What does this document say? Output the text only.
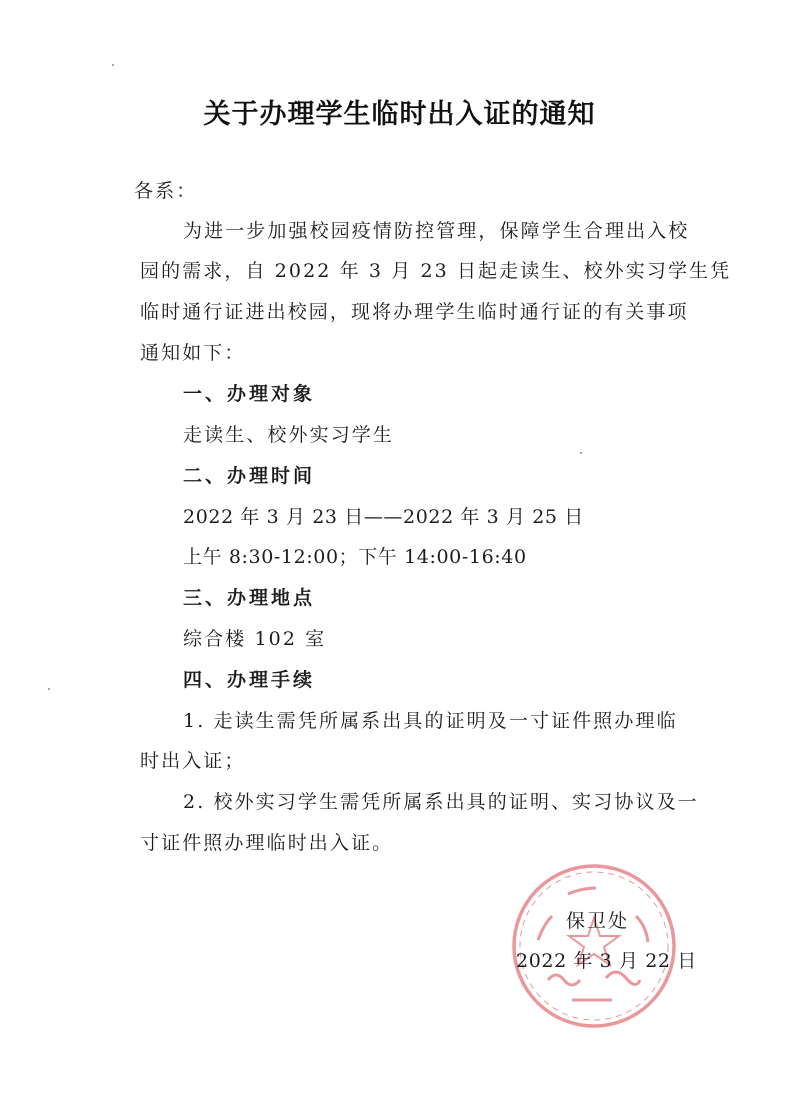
关于办理学生临时出入证的通知
各系：
为进一步加强校园疫情防控管理，保障学生合理出入校
园的需求，自 2022 年 3 月 23 日起走读生、校外实习学生凭
临时通行证进出校园，现将办理学生临时通行证的有关事项
通知如下：
一、办理对象
走读生、校外实习学生
二、办理时间
2022 年 3 月 23 日——2022 年 3 月 25 日
上午 8:30-12:00；下午 14:00-16:40
三、办理地点
综合楼 102 室
四、办理手续
1. 走读生需凭所属系出具的证明及一寸证件照办理临
时出入证；
2. 校外实习学生需凭所属系出具的证明、实习协议及一
寸证件照办理临时出入证。
保卫处
2022 年 3 月 22 日
